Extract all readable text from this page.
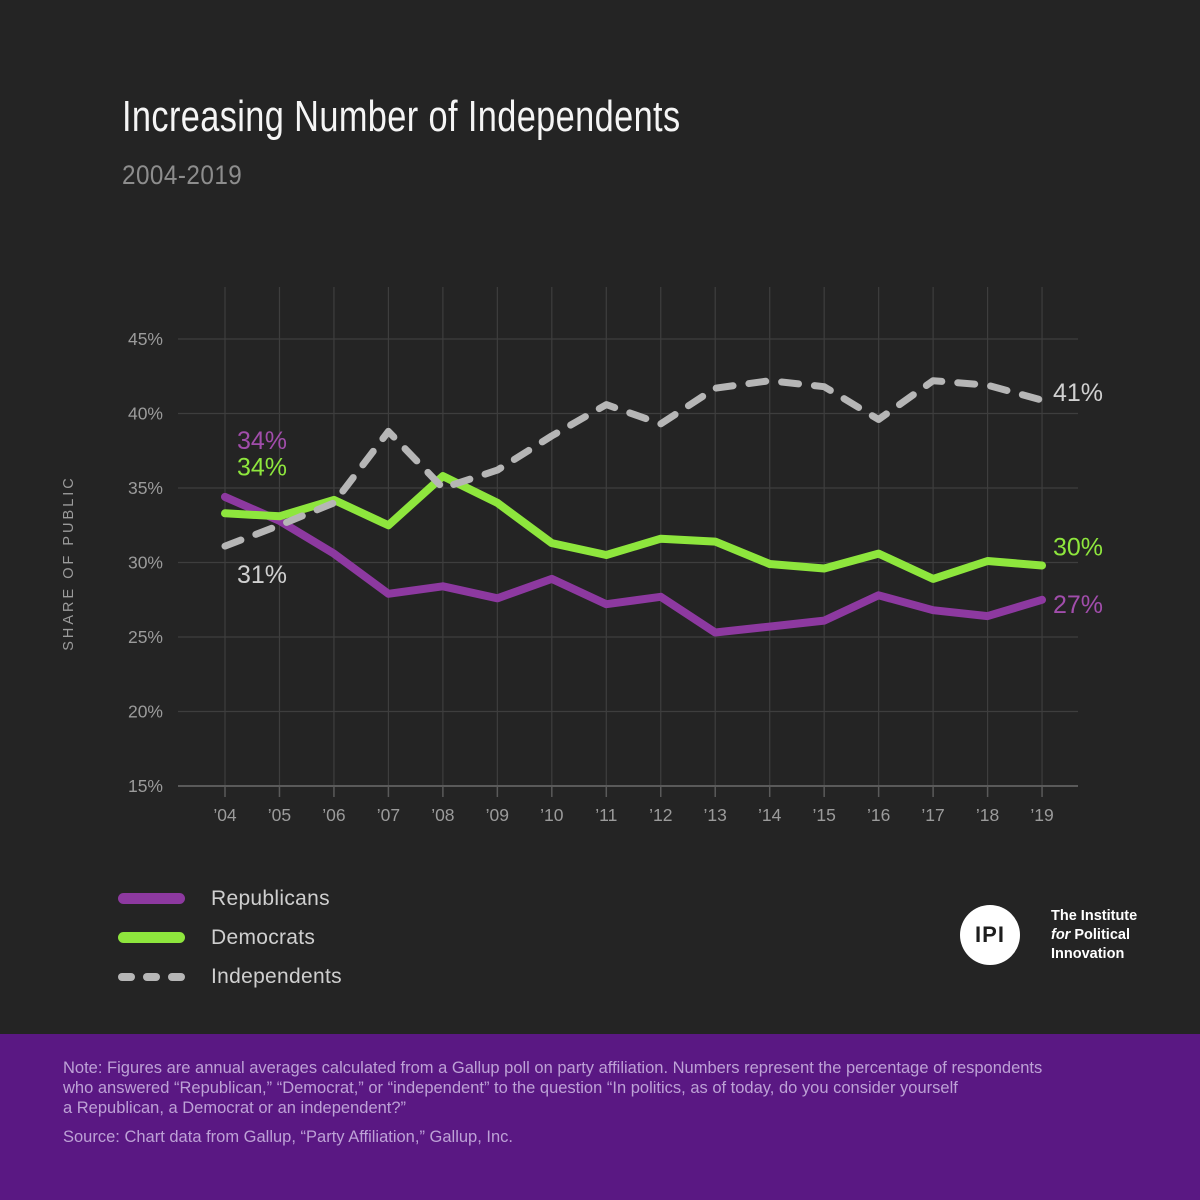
Increasing Number of Independents
2004-2019
’04 ’05 ’06 ’07 ’08 ’09 ’10 ’11 ’12 ’13 ’14 ’15 ’16 ’17 ’18 ’19
45%
40%
35%
30%
25%
20%
15%
SHARE OF PUBLIC
34%
27%
34%
30%
31%
41%
Republicans
Democrats
Independents
IPI
The Institute
for Political
Innovation
Note: Figures are annual averages calculated from a Gallup poll on party affiliation. Numbers represent the percentage of respondents
who answered “Republican,” “Democrat,” or “independent” to the question “In politics, as of today, do you consider yourself
a Republican, a Democrat or an independent?”
Source: Chart data from Gallup, “Party Affiliation,” Gallup, Inc.
